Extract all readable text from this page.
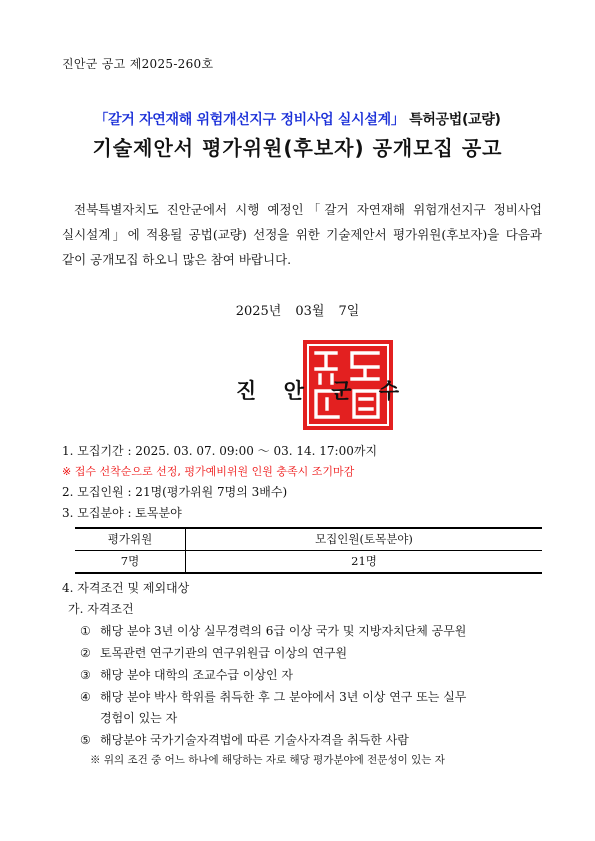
진안군 공고 제2025-260호
「갈거 자연재해 위험개선지구 정비사업 실시설계」 특허공법(교량)
기술제안서 평가위원(후보자) 공개모집 공고
전북특별자치도 진안군에서 시행 예정인「갈거 자연재해 위험개선지구 정비사업 실시설계」에 적용될 공법(교량) 선정을 위한 기술제안서 평가위원(후보자)을 다음과 같이 공개모집 하오니 많은 참여 바랍니다.
2025년 03월 7일
진 안 군 수
1. 모집기간 : 2025. 03. 07. 09:00 ～ 03. 14. 17:00까지
※ 접수 선착순으로 선정, 평가예비위원 인원 충족시 조기마감
2. 모집인원 : 21명(평가위원 7명의 3배수)
3. 모집분야 : 토목분야
평가위원	모집인원(토목분야)
7명	21명
4. 자격조건 및 제외대상
가. 자격조건
① 해당 분야 3년 이상 실무경력의 6급 이상 국가 및 지방자치단체 공무원
② 토목관련 연구기관의 연구위원급 이상의 연구원
③ 해당 분야 대학의 조교수급 이상인 자
④ 해당 분야 박사 학위를 취득한 후 그 분야에서 3년 이상 연구 또는 실무
경험이 있는 자
⑤ 해당분야 국가기술자격법에 따른 기술사자격을 취득한 사람
※ 위의 조건 중 어느 하나에 해당하는 자로 해당 평가분야에 전문성이 있는 자
